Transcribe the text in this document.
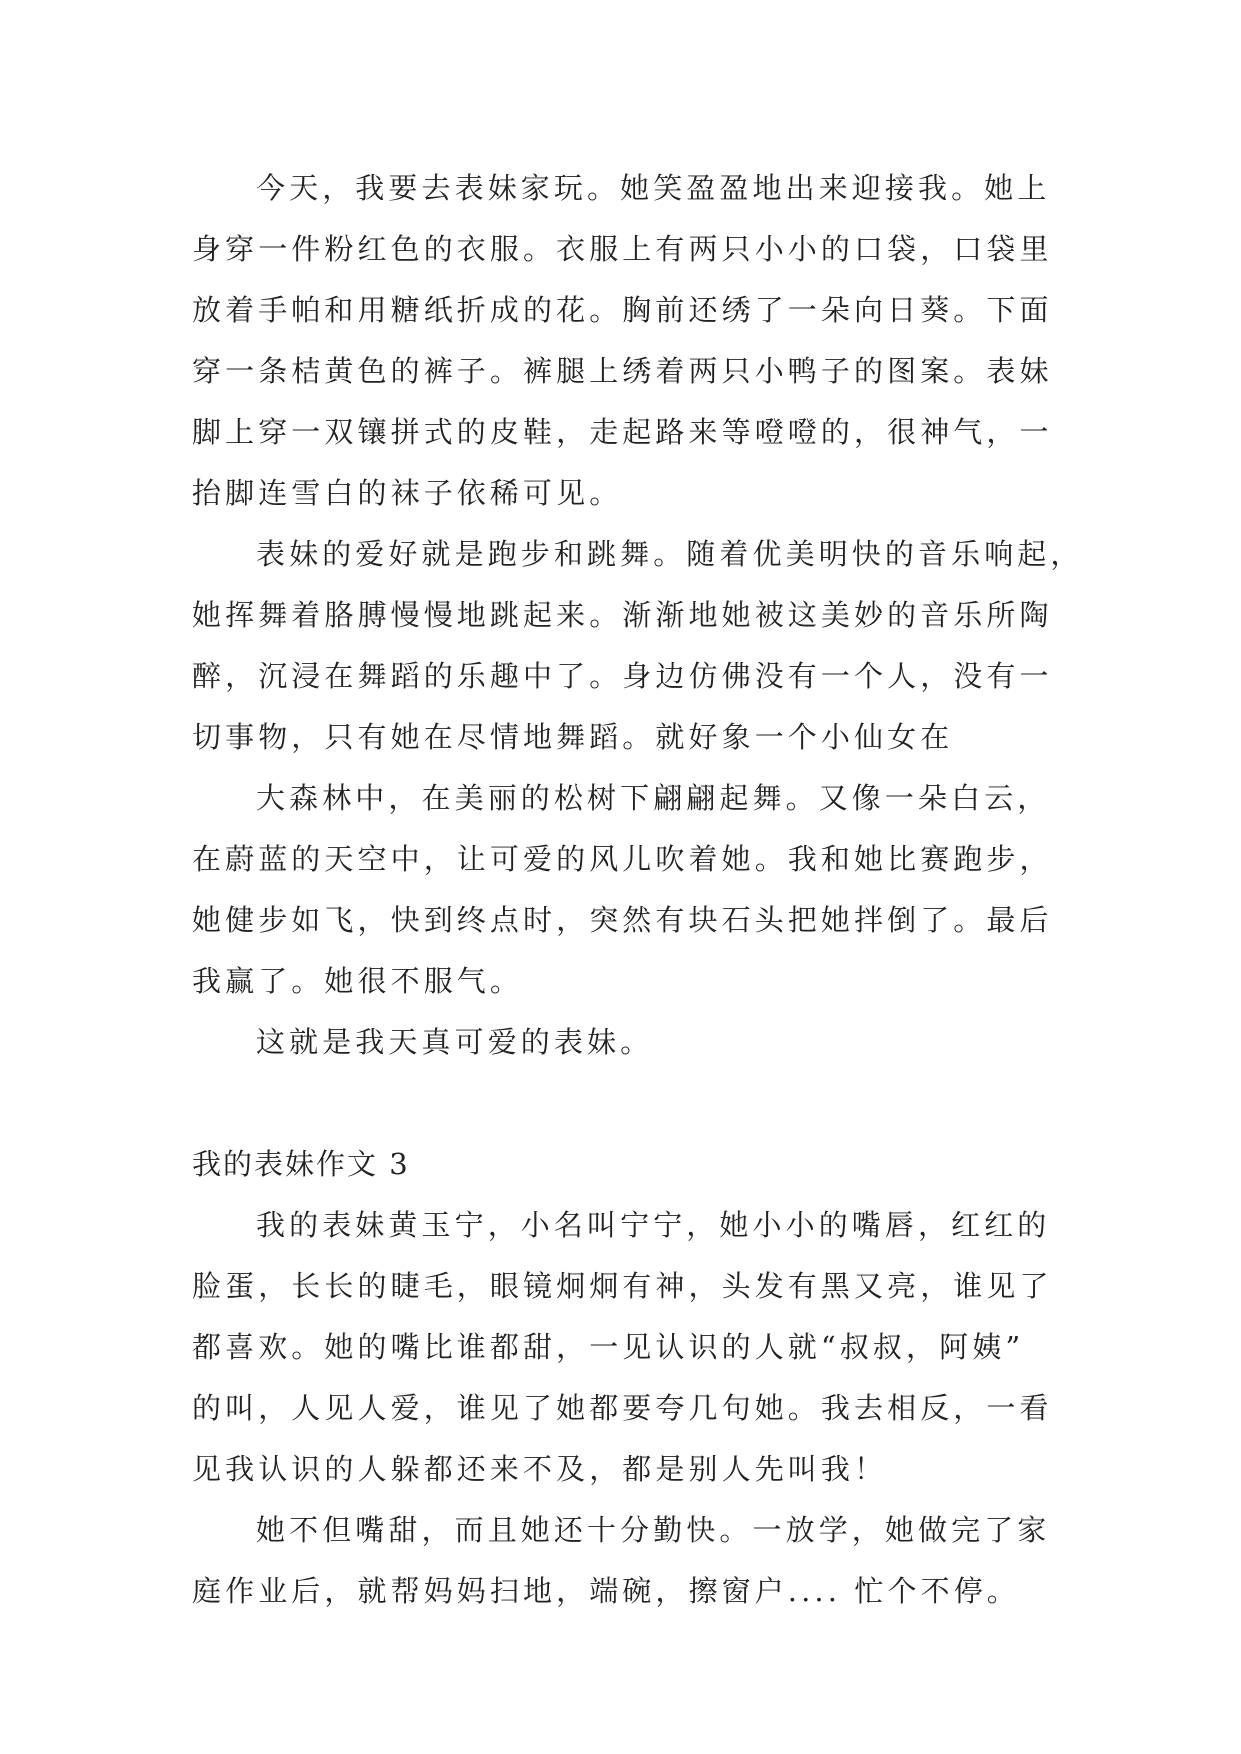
今天，我要去表妹家玩。她笑盈盈地出来迎接我。她上
身穿一件粉红色的衣服。衣服上有两只小小的口袋，口袋里
放着手帕和用糖纸折成的花。胸前还绣了一朵向日葵。下面
穿一条桔黄色的裤子。裤腿上绣着两只小鸭子的图案。表妹
脚上穿一双镶拼式的皮鞋，走起路来等噔噔的，很神气，一
抬脚连雪白的袜子依稀可见。
表妹的爱好就是跑步和跳舞。随着优美明快的音乐响起，
她挥舞着胳膊慢慢地跳起来。渐渐地她被这美妙的音乐所陶
醉，沉浸在舞蹈的乐趣中了。身边仿佛没有一个人，没有一
切事物，只有她在尽情地舞蹈。就好象一个小仙女在
大森林中，在美丽的松树下翩翩起舞。又像一朵白云，
在蔚蓝的天空中，让可爱的风儿吹着她。我和她比赛跑步，
她健步如飞，快到终点时，突然有块石头把她拌倒了。最后
我赢了。她很不服气。
这就是我天真可爱的表妹。
我的表妹作文 3
我的表妹黄玉宁，小名叫宁宁，她小小的嘴唇，红红的
脸蛋，长长的睫毛，眼镜炯炯有神，头发有黑又亮，谁见了
都喜欢。她的嘴比谁都甜，一见认识的人就“叔叔，阿姨”
的叫，人见人爱，谁见了她都要夸几句她。我去相反，一看
见我认识的人躲都还来不及，都是别人先叫我！
她不但嘴甜，而且她还十分勤快。一放学，她做完了家
庭作业后，就帮妈妈扫地，端碗，擦窗户.... 忙个不停。
